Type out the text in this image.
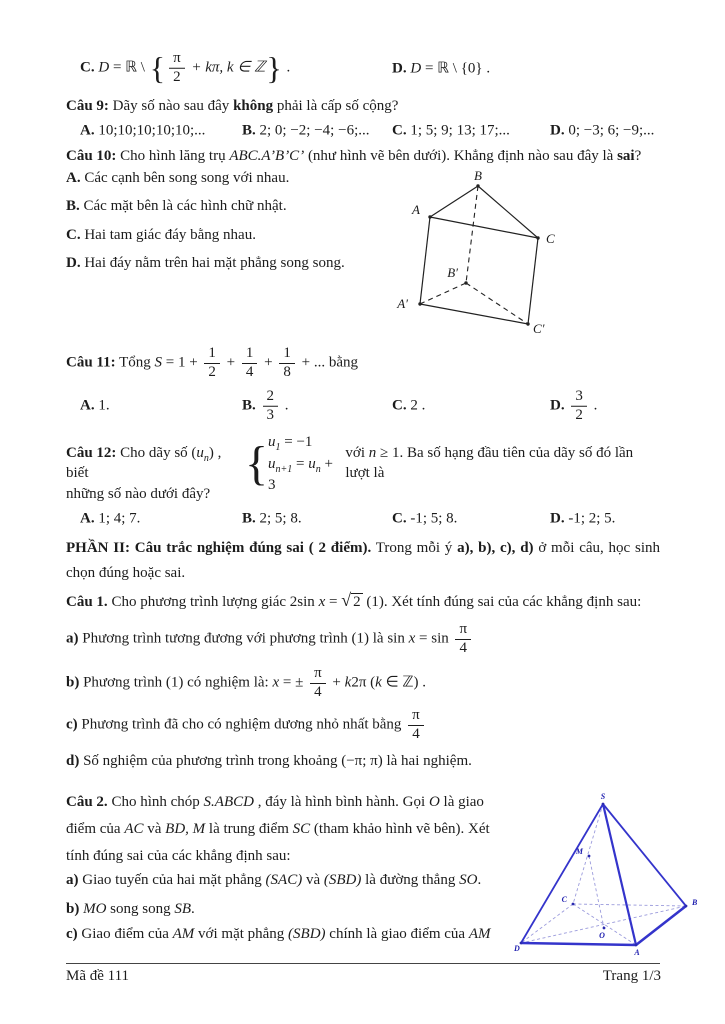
C. D = ℝ \ { $\frac{\pi}{2} + k\pi$, k ∈ ℤ} .	D. D = ℝ \ {0} .
Câu 9: Dãy số nào sau đây không phải là cấp số cộng?
A. 10;10;10;10;10;... B. 2; 0; −2; −4; −6;... C. 1; 5; 9; 13; 17;...	D. 0; −3; 6; −9;...
Câu 10: Cho hình lăng trụ ABC.A’B’C’ (như hình vẽ bên dưới). Khẳng định nào sau đây là sai?
A. Các cạnh bên song song với nhau.
B. Các mặt bên là các hình chữ nhật.
C. Hai tam giác đáy bằng nhau.
D. Hai đáy nằm trên hai mặt phẳng song song.
B
A
C
B′
A′
C′
Câu 11: Tổng $S = 1 + \frac{1}{2} + \frac{1}{4} + \frac{1}{8}$ + ... bằng
A. 1.	B. $\frac{2}{3}$ .	C. 2 .	D. $\frac{3}{2}$ .
Câu 12: Cho dãy số $(u_n)$ , biết	{ $u_1 = -1$
$u_{n+1} = u_n + 3$
với n ≥ 1. Ba số hạng đầu tiên của dãy số đó lần lượt là
những số nào dưới đây?
A. 1; 4; 7.	B. 2; 5; 8.	C. -1; 5; 8.	D. -1; 2; 5.
PHẦN II: Câu trắc nghiệm đúng sai ( 2 điểm). Trong mỗi ý a), b), c), d) ở mỗi câu, học sinh chọn đúng hoặc sai.
Câu 1. Cho phương trình lượng giác 2sin x = √ 2 (1). Xét tính đúng sai của các khẳng định sau:
a) Phương trình tương đương với phương trình (1) là $\sin x = \sin \frac{\pi}{4}$
b) Phương trình (1) có nghiệm là: x = ± $\frac{\pi}{4} + k2\pi$ (k ∈ ℤ) .
c) Phương trình đã cho có nghiệm dương nhỏ nhất bằng $\frac{\pi}{4}$
d) Số nghiệm của phương trình trong khoảng (−π; π) là hai nghiệm.
Câu 2. Cho hình chóp S.ABCD , đáy là hình bình hành. Gọi O là giao
điểm của AC và BD, M là trung điểm SC (tham khảo hình vẽ bên). Xét
tính đúng sai của các khẳng định sau:
a) Giao tuyến của hai mặt phẳng (SAC) và (SBD) là đường thẳng SO.
b) MO song song SB.
c) Giao điểm của AM với mặt phẳng (SBD) chính là giao điểm của AM
S
M
C	B
O
D	A
Mã đề 111	Trang 1/3
